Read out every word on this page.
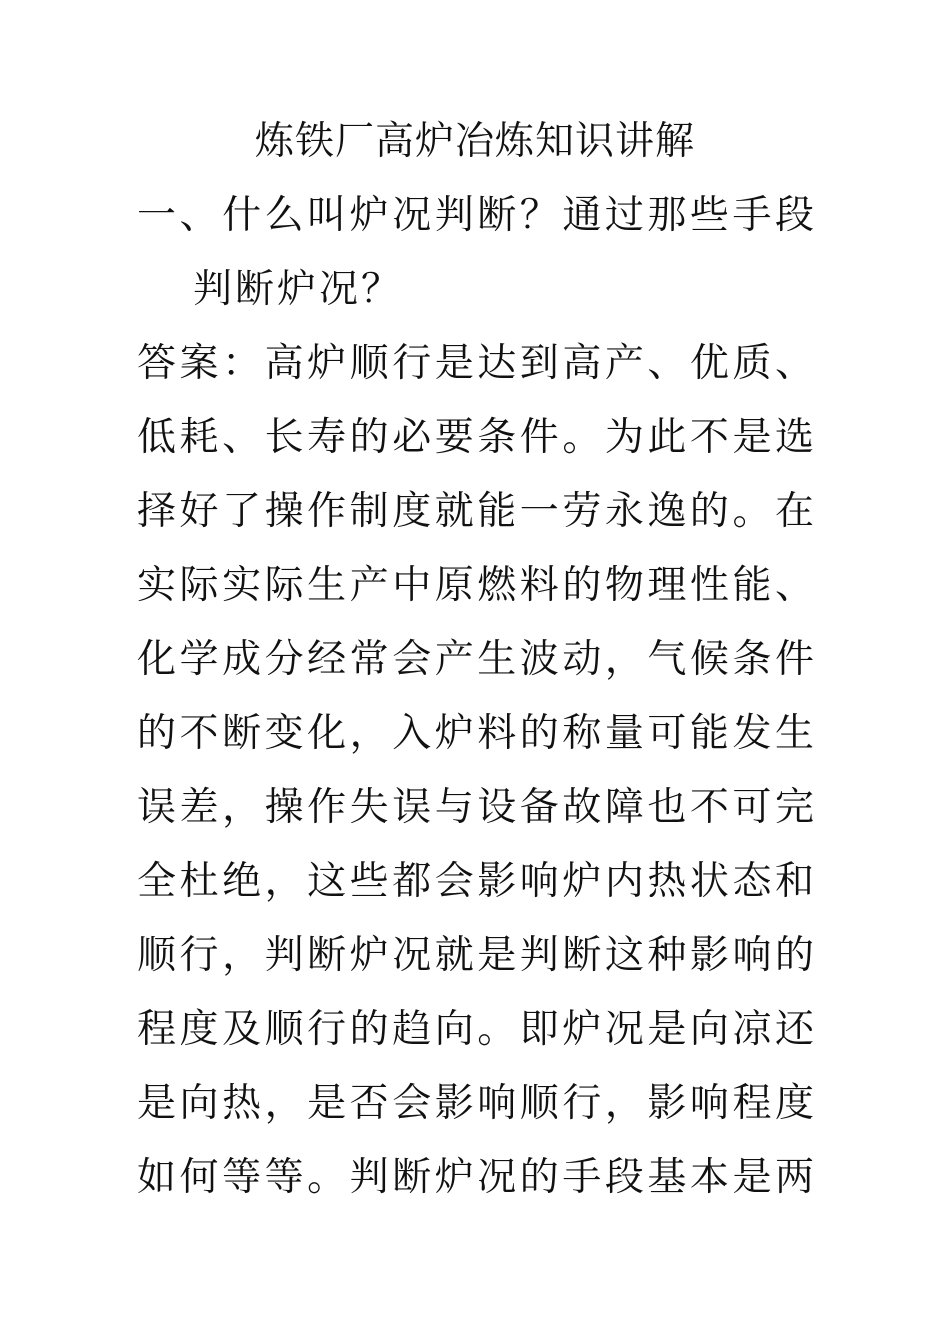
炼铁厂高炉冶炼知识讲解
一、什么叫炉况判断？通过那些手段
判断炉况？
答案：高炉顺行是达到高产、优质、
低耗、长寿的必要条件。为此不是选
择好了操作制度就能一劳永逸的。在
实际实际生产中原燃料的物理性能、
化学成分经常会产生波动，气候条件
的不断变化，入炉料的称量可能发生
误差，操作失误与设备故障也不可完
全杜绝，这些都会影响炉内热状态和
顺行，判断炉况就是判断这种影响的
程度及顺行的趋向。即炉况是向凉还
是向热，是否会影响顺行，影响程度
如何等等。判断炉况的手段基本是两
